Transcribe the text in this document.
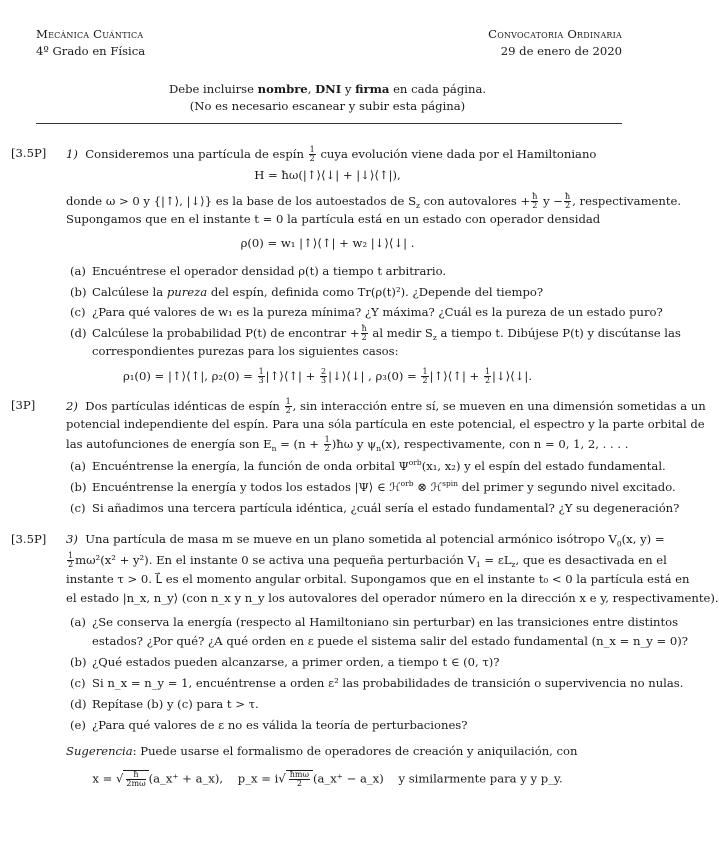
Mecánica Cuántica
4º Grado en Física
Convocatoria Ordinaria
29 de enero de 2020
Debe incluirse nombre, DNI y firma en cada página.
(No es necesario escanear y subir esta página)
[3.5P] 1) Consideremos una partícula de espín $\frac{1}{2}$ cuya evolución viene dada por el Hamiltoniano
H = ħω(|↑⟩⟨↓| + |↓⟩⟨↑|),
donde ω > 0 y {|↑⟩, |↓⟩} es la base de los autoestados de $S_z$ con autovalores + $\frac{ħ}{2}$ $y - \frac{ħ}{2}$ , respectivamente.
Supongamos que en el instante t = 0 la partícula está en un estado con operador densidad
ρ(0) = w₁ |↑⟩⟨↑| + w₂ |↓⟩⟨↓| .
(a) Encuéntrese el operador densidad ρ(t) a tiempo t arbitrario.
(b) Calcúlese la pureza del espín, definida como Tr(ρ(t)²). ¿Depende del tiempo?
(c) ¿Para qué valores de w₁ es la pureza mínima? ¿Y máxima? ¿Cuál es la pureza de un estado puro?
(d) Calcúlese la probabilidad P(t) de encontrar + $\frac{ħ}{2}$ al medir $S_z$ a tiempo t. Dibújese P(t) y discútanse las
correspondientes purezas para los siguientes casos:
ρ₁(0) = |↑⟩⟨↑|, $\rho_2(0) = \frac{1}{3}$ |↑⟩⟨↑| + $\frac{2}{3}$ |↓⟩⟨↓| , $\rho_3(0) = \frac{1}{2}$ |↑⟩⟨↑| + $\frac{1}{2}$ |↓⟩⟨↓|.
[3P]	2) Dos partículas idénticas de espín $\frac{1}{2}$ , sin interacción entre sí, se mueven en una dimensión sometidas a un
potencial independiente del espín. Para una sóla partícula en este potencial, el espectro y la parte orbital de
las autofunciones de energía son $E_n = (n + \frac{1}{2}$ )ħω y $\psi_n(x)$, respectivamente, con n = 0, 1, 2, . . . .
(a) Encuéntrense la energía, la función de onda orbital $\Psi^{orb}(x_1$, x₂) y el espín del estado fundamental.
(b) Encuéntrense la energía y todos los estados |Ψ⟩ ∈ ℋ$^{orb}$ ⊗ ℋ$^{spin}$ del primer y segundo nivel excitado.
(c) Si añadimos una tercera partícula idéntica, ¿cuál sería el estado fundamental? ¿Y su degeneración?
[3.5P] 3) Una partícula de masa m se mueve en un plano sometida al potencial armónico isótropo $V_0(x$, y) =
$\frac{1}{2} m\omega^2(x^2 + y^2)$. En el instante 0 se activa una pequeña perturbación $V_1 = \varepsilon L_z$, que es desactivada en el
instante τ > 0. L⃗ es el momento angular orbital. Supongamos que en el instante t₀ < 0 la partícula está en
el estado |n_x, n_y⟩ (con n_x y n_y los autovalores del operador número en la dirección x e y, respectivamente).
(a) ¿Se conserva la energía (respecto al Hamiltoniano sin perturbar) en las transiciones entre distintos
estados? ¿Por qué? ¿A qué orden en ε puede el sistema salir del estado fundamental (n_x = n_y = 0)?
(b) ¿Qué estados pueden alcanzarse, a primer orden, a tiempo t ∈ (0, τ)?
(c) Si n_x = n_y = 1, encuéntrense a orden ε² las probabilidades de transición o supervivencia no nulas.
(d) Repítase (b) y (c) para t > τ.
(e) ¿Para qué valores de ε no es válida la teoría de perturbaciones?
Sugerencia: Puede usarse el formalismo de operadores de creación y aniquilación, con
x = √ $\frac{ħ}{2m\omega}$ (a_x⁺ + a_x), p_x = $i√ \frac{\text{ħmω}}{2}$ (a_x⁺ − a_x) y similarmente para y y p_y.
